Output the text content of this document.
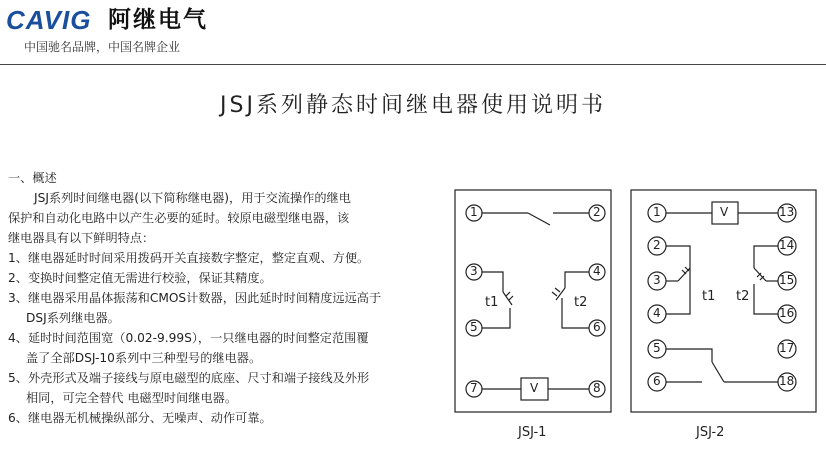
CAVIG 阿继电气
中国驰名品牌，中国名牌企业
JSJ系列静态时间继电器使用说明书
一、概述
JSJ系列时间继电器(以下简称继电器)，用于交流操作的继电
保护和自动化电路中以产生必要的延时。较原电磁型继电器，该
继电器具有以下鲜明特点：
1、继电器延时时间采用拨码开关直接数字整定，整定直观、方便。
2、变换时间整定值无需进行校验，保证其精度。
3、继电器采用晶体振荡和CMOS计数器，因此延时时间精度远远高于
DSJ系列继电器。
4、延时时间范围宽（0.02-9.99S），一只继电器的时间整定范围覆
盖了全部DSJ-10系列中三种型号的继电器。
5、外壳形式及端子接线与原电磁型的底座、尺寸和端子接线及外形
相同，可完全替代 电磁型时间继电器。
6、继电器无机械操纵部分、无噪声、动作可靠。
1	2
3	4
5	6
7	8
t1	t2
V
JSJ-1
1	13
2	14
3	15
4	16
5	17
6	18
t1 t2
V
JSJ-2
